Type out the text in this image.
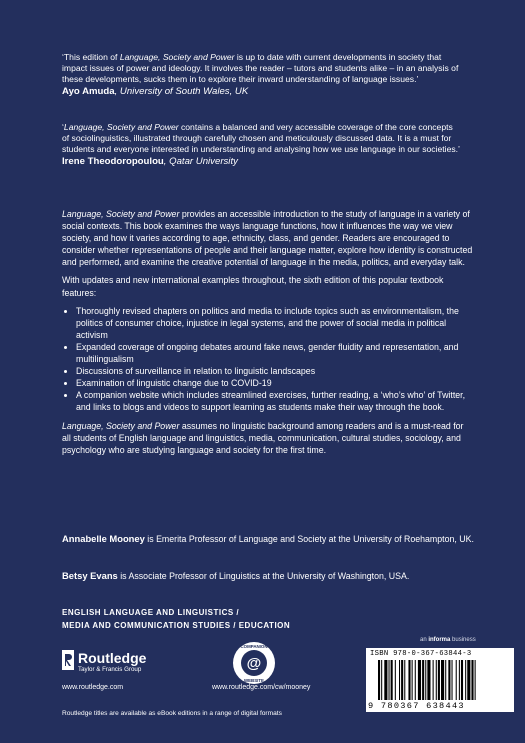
‘This edition of Language, Society and Power is up to date with current developments in society that impact issues of power and ideology. It involves the reader – tutors and students alike – in an analysis of these developments, sucks them in to explore their inward understanding of language issues.’

Ayo Amuda, University of South Wales, UK

‘Language, Society and Power contains a balanced and very accessible coverage of the core concepts of sociolinguistics, illustrated through carefully chosen and meticulously discussed data. It is a must for students and everyone interested in understanding and analysing how we use language in our societies.’

Irene Theodoropoulou, Qatar University

Language, Society and Power provides an accessible introduction to the study of language in a variety of social contexts. This book examines the ways language functions, how it influences the way we view society, and how it varies according to age, ethnicity, class, and gender. Readers are encouraged to consider whether representations of people and their language matter, explore how identity is constructed and performed, and examine the creative potential of language in the media, politics, and everyday talk.

With updates and new international examples throughout, the sixth edition of this popular textbook features:

• Thoroughly revised chapters on politics and media to include topics such as environmentalism, the politics of consumer choice, injustice in legal systems, and the power of social media in political activism
• Expanded coverage of ongoing debates around fake news, gender fluidity and representation, and multilingualism
• Discussions of surveillance in relation to linguistic landscapes
• Examination of linguistic change due to COVID-19
• A companion website which includes streamlined exercises, further reading, a ‘who’s who’ of Twitter, and links to blogs and videos to support learning as students make their way through the book.

Language, Society and Power assumes no linguistic background among readers and is a must-read for all students of English language and linguistics, media, communication, cultural studies, sociology, and psychology who are studying language and society for the first time.

Annabelle Mooney is Emerita Professor of Language and Society at the University of Roehampton, UK.
Betsy Evans is Associate Professor of Linguistics at the University of Washington, USA.
ENGLISH LANGUAGE AND LINGUISTICS /
MEDIA AND COMMUNICATION STUDIES / EDUCATION
an informa business
Routledge
Taylor & Francis Group
www.routledge.com
@
COMPANION
WEBSITE
www.routledge.com/cw/mooney
ISBN 978-0-367-63844-3
9 780367 638443
Routledge titles are available as eBook editions in a range of digital formats
